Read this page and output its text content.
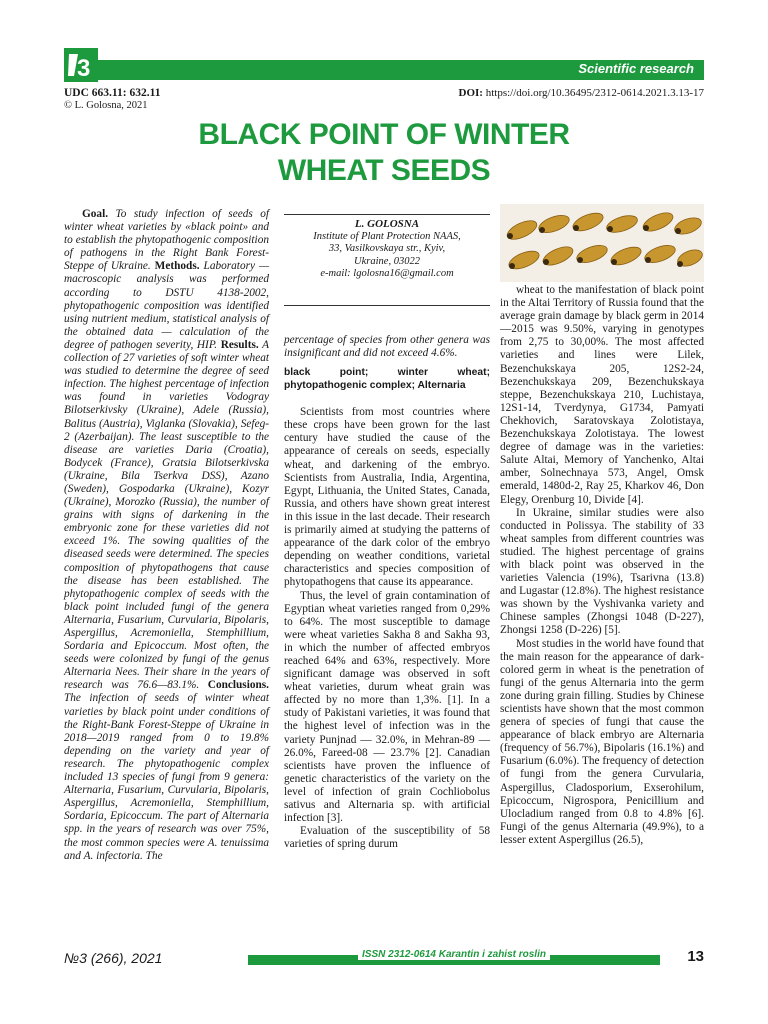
3	Scientific research
UDC 663.11: 632.11
© L. Golosna, 2021
DOI: https://doi.org/10.36495/2312-0614.2021.3.13-17
BLACK POINT OF WINTER
WHEAT SEEDS

Goal. To study infection of seeds of winter wheat varieties by «black point» and to establish the phytopathogenic composition of pathogens in the Right Bank Forest-Steppe of Ukraine. Methods. Laboratory — macroscopic analysis was performed according to DSTU 4138-2002, phytopathogenic composition was identified using nutrient medium, statistical analysis of the obtained data — calculation of the degree of pathogen severity, HIP. Results. A collection of 27 varieties of soft winter wheat was studied to determine the degree of seed infection. The highest percentage of infection was found in varieties Vodogray Bilotserkivsky (Ukraine), Adele (Russia), Balitus (Austria), Viglanka (Slovakia), Sefeg-2 (Azerbaijan). The least susceptible to the disease are varieties Daria (Croatia), Bodycek (France), Gratsia Bilotserkivska (Ukraine, Bila Tserkva DSS), Azano (Sweden), Gospodarka (Ukraine), Kozyr (Ukraine), Morozko (Russia), the number of grains with signs of darkening in the embryonic zone for these varieties did not exceed 1%. The sowing qualities of the diseased seeds were determined. The species composition of phytopathogens that cause the disease has been established. The phytopathogenic complex of seeds with the black point included fungi of the genera Alternaria, Fusarium, Curvularia, Bipolaris, Aspergillus, Acremoniella, Stemphillium, Sordaria and Epicoccum. Most often, the seeds were colonized by fungi of the genus Alternaria Nees. Their share in the years of research was 76.6—83.1%. Conclusions. The infection of seeds of winter wheat varieties by black point under conditions of the Right-Bank Forest-Steppe of Ukraine in 2018—2019 ranged from 0 to 19.8% depending on the variety and year of research. The phytopathogenic complex included 13 species of fungi from 9 genera: Alternaria, Fusarium, Curvularia, Bipolaris, Aspergillus, Acremoniella, Stemphillium, Sordaria, Epicoccum. The part of Alternaria spp. in the years of research was over 75%, the most common species were A. tenuissima and A. infectoria. The

L. GOLOSNA
Institute of Plant Protection NAAS,
33, Vasilkovskaya str., Kyiv,
Ukraine, 03022
e-mail: lgolosna16@gmail.com

percentage of species from other genera was insignificant and did not exceed 4.6%.

black point; winter wheat; phytopathogenic complex; Alternaria

Scientists from most countries where these crops have been grown for the last century have studied the cause of the appearance of cereals on seeds, especially wheat, and darkening of the embryo. Scientists from Australia, India, Argentina, Egypt, Lithuania, the United States, Canada, Russia, and others have shown great interest in this issue in the last decade. Their research is primarily aimed at studying the patterns of appearance of the dark color of the embryo depending on weather conditions, varietal characteristics and species composition of phytopathogens that cause its appearance.

Thus, the level of grain contamination of Egyptian wheat varieties ranged from 0,29% to 64%. The most susceptible to damage were wheat varieties Sakha 8 and Sakha 93, in which the number of affected embryos reached 64% and 63%, respectively. More significant damage was observed in soft wheat varieties, durum wheat grain was affected by no more than 1,3%. [1]. In a study of Pakistani varieties, it was found that the highest level of infection was in the variety Punjnad — 32.0%, in Mehran-89 — 26.0%, Fareed-08 — 23.7% [2]. Canadian scientists have proven the influence of genetic characteristics of the variety on the level of infection of grain Cochliobolus sativus and Alternaria sp. with artificial infection [3].

Evaluation of the susceptibility of 58 varieties of spring durum

wheat to the manifestation of black point in the Altai Territory of Russia found that the average grain damage by black germ in 2014—2015 was 9.50%, varying in genotypes from 2,75 to 30,00%. The most affected varieties and lines were Lilek, Bezenchukskaya 205, 12S2-24, Bezenchukskaya 209, Bezenchukskaya steppe, Bezenchukskaya 210, Luchistaya, 12S1-14, Tverdynya, G1734, Pamyati Chekhovich, Saratovskaya Zolotistaya, Bezenchukskaya Zolotistaya. The lowest degree of damage was in the varieties: Salute Altai, Memory of Yanchenko, Altai amber, Solnechnaya 573, Angel, Omsk emerald, 1480d-2, Ray 25, Kharkov 46, Don Elegy, Orenburg 10, Divide [4].

In Ukraine, similar studies were also conducted in Polissya. The stability of 33 wheat samples from different countries was studied. The highest percentage of grains with black point was observed in the varieties Valencia (19%), Tsarivna (13.8) and Lugastar (12.8%). The highest resistance was shown by the Vyshivanka variety and Chinese samples (Zhongsi 1048 (D-227), Zhongsi 1258 (D-226) [5].

Most studies in the world have found that the main reason for the appearance of dark-colored germ in wheat is the penetration of fungi of the genus Alternaria into the germ zone during grain filling. Studies by Chinese scientists have shown that the most common genera of species of fungi that cause the appearance of black embryo are Alternaria (frequency of 56.7%), Bipolaris (16.1%) and Fusarium (6.0%). The frequency of detection of fungi from the genera Curvularia, Aspergillus, Cladosporium, Exserohilum, Epicoccum, Nigrospora, Penicillium and Ulocladium ranged from 0.8 to 4.8% [6]. Fungi of the genus Alternaria (49.9%), to a lesser extent Aspergillus (26.5),

№3 (266), 2021	ISSN 2312-0614 Karantin i zahist roslin	13
